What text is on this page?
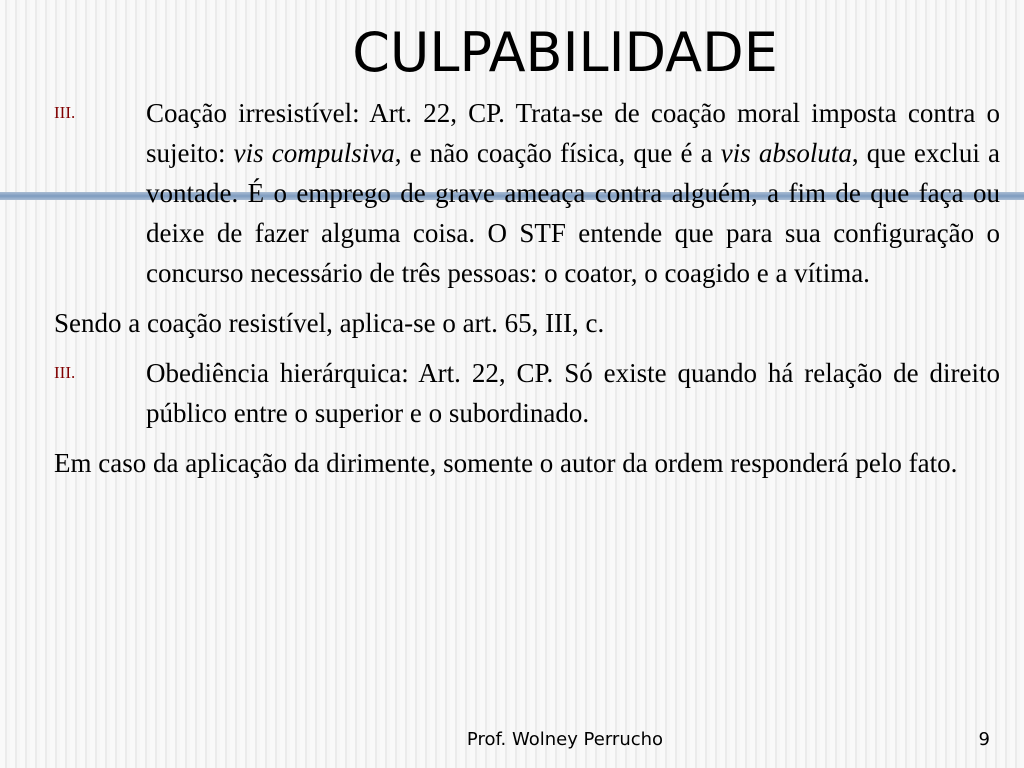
CULPABILIDADE
III.	Coação irresistível: Art. 22, CP. Trata-se de coação moral imposta contra o sujeito: vis compulsiva, e não coação física, que é a vis absoluta, que exclui a vontade. É o emprego de grave ameaça contra alguém, a fim de que faça ou deixe de fazer alguma coisa. O STF entende que para sua configuração o concurso necessário de três pessoas: o coator, o coagido e a vítima.
Sendo a coação resistível, aplica-se o art. 65, III, c.
III.	Obediência hierárquica: Art. 22, CP. Só existe quando há relação de direito público entre o superior e o subordinado.
Em caso da aplicação da dirimente, somente o autor da ordem responderá pelo fato.
Prof. Wolney Perrucho	9
